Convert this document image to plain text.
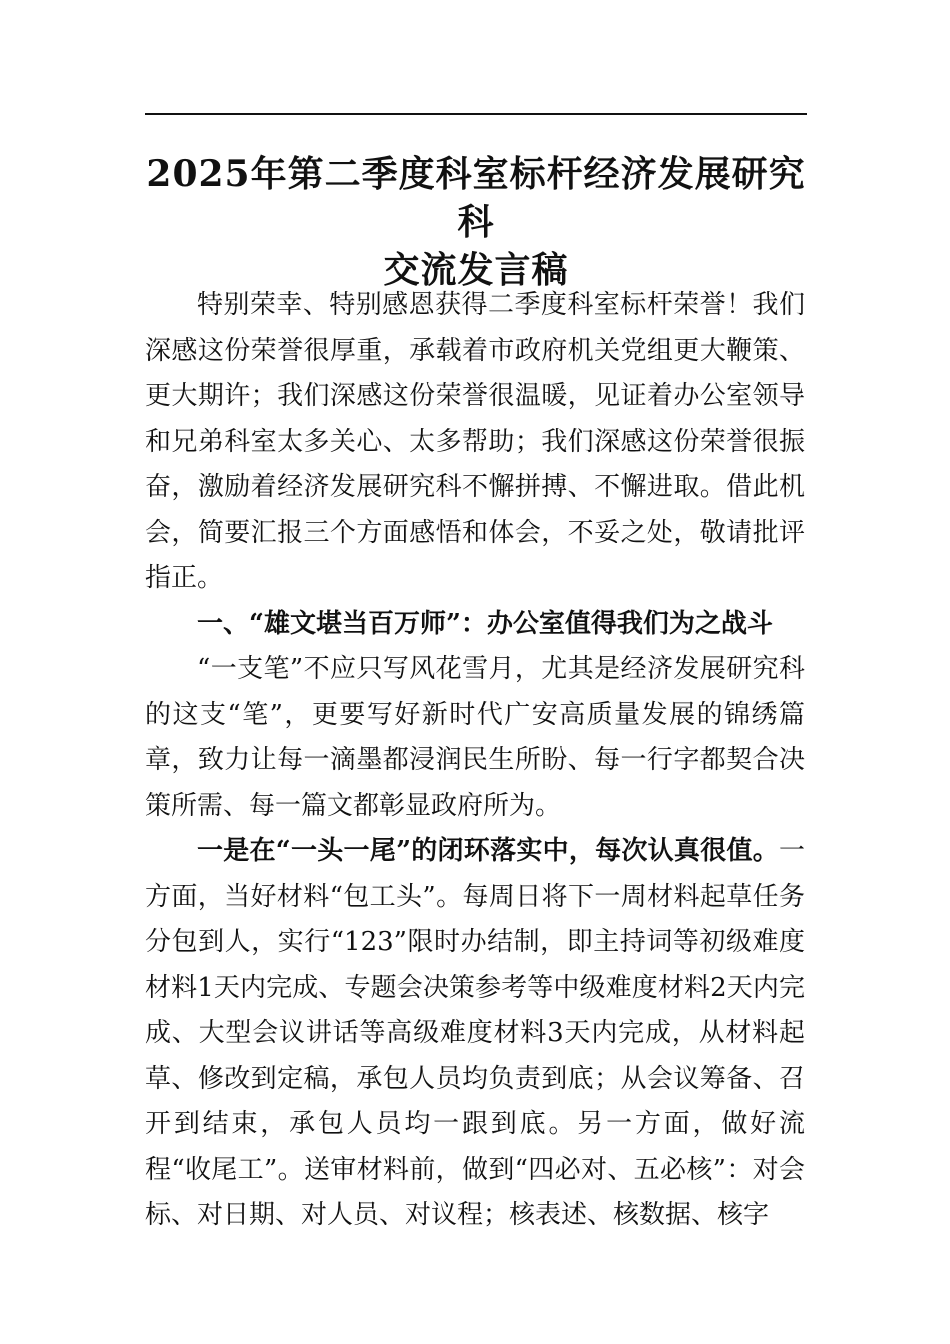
2025年第二季度科室标杆经济发展研究科
交流发言稿

特别荣幸、特别感恩获得二季度科室标杆荣誉！我们深感这份荣誉很厚重，承载着市政府机关党组更大鞭策、更大期许；我们深感这份荣誉很温暖，见证着办公室领导和兄弟科室太多关心、太多帮助；我们深感这份荣誉很振奋，激励着经济发展研究科不懈拼搏、不懈进取。借此机会，简要汇报三个方面感悟和体会，不妥之处，敬请批评指正。

一、“雄文堪当百万师”：办公室值得我们为之战斗

“一支笔”不应只写风花雪月，尤其是经济发展研究科的这支“笔”，更要写好新时代广安高质量发展的锦绣篇章，致力让每一滴墨都浸润民生所盼、每一行字都契合决策所需、每一篇文都彰显政府所为。

一是在“一头一尾”的闭环落实中，每次认真很值。一方面，当好材料“包工头”。每周日将下一周材料起草任务分包到人，实行“123”限时办结制，即主持词等初级难度材料1天内完成、专题会决策参考等中级难度材料2天内完成、大型会议讲话等高级难度材料3天内完成，从材料起草、修改到定稿，承包人员均负责到底；从会议筹备、召开到结束，承包人员均一跟到底。另一方面，做好流程“收尾工”。送审材料前，做到“四必对、五必核”：对会标、对日期、对人员、对议程；核表述、核数据、核字
